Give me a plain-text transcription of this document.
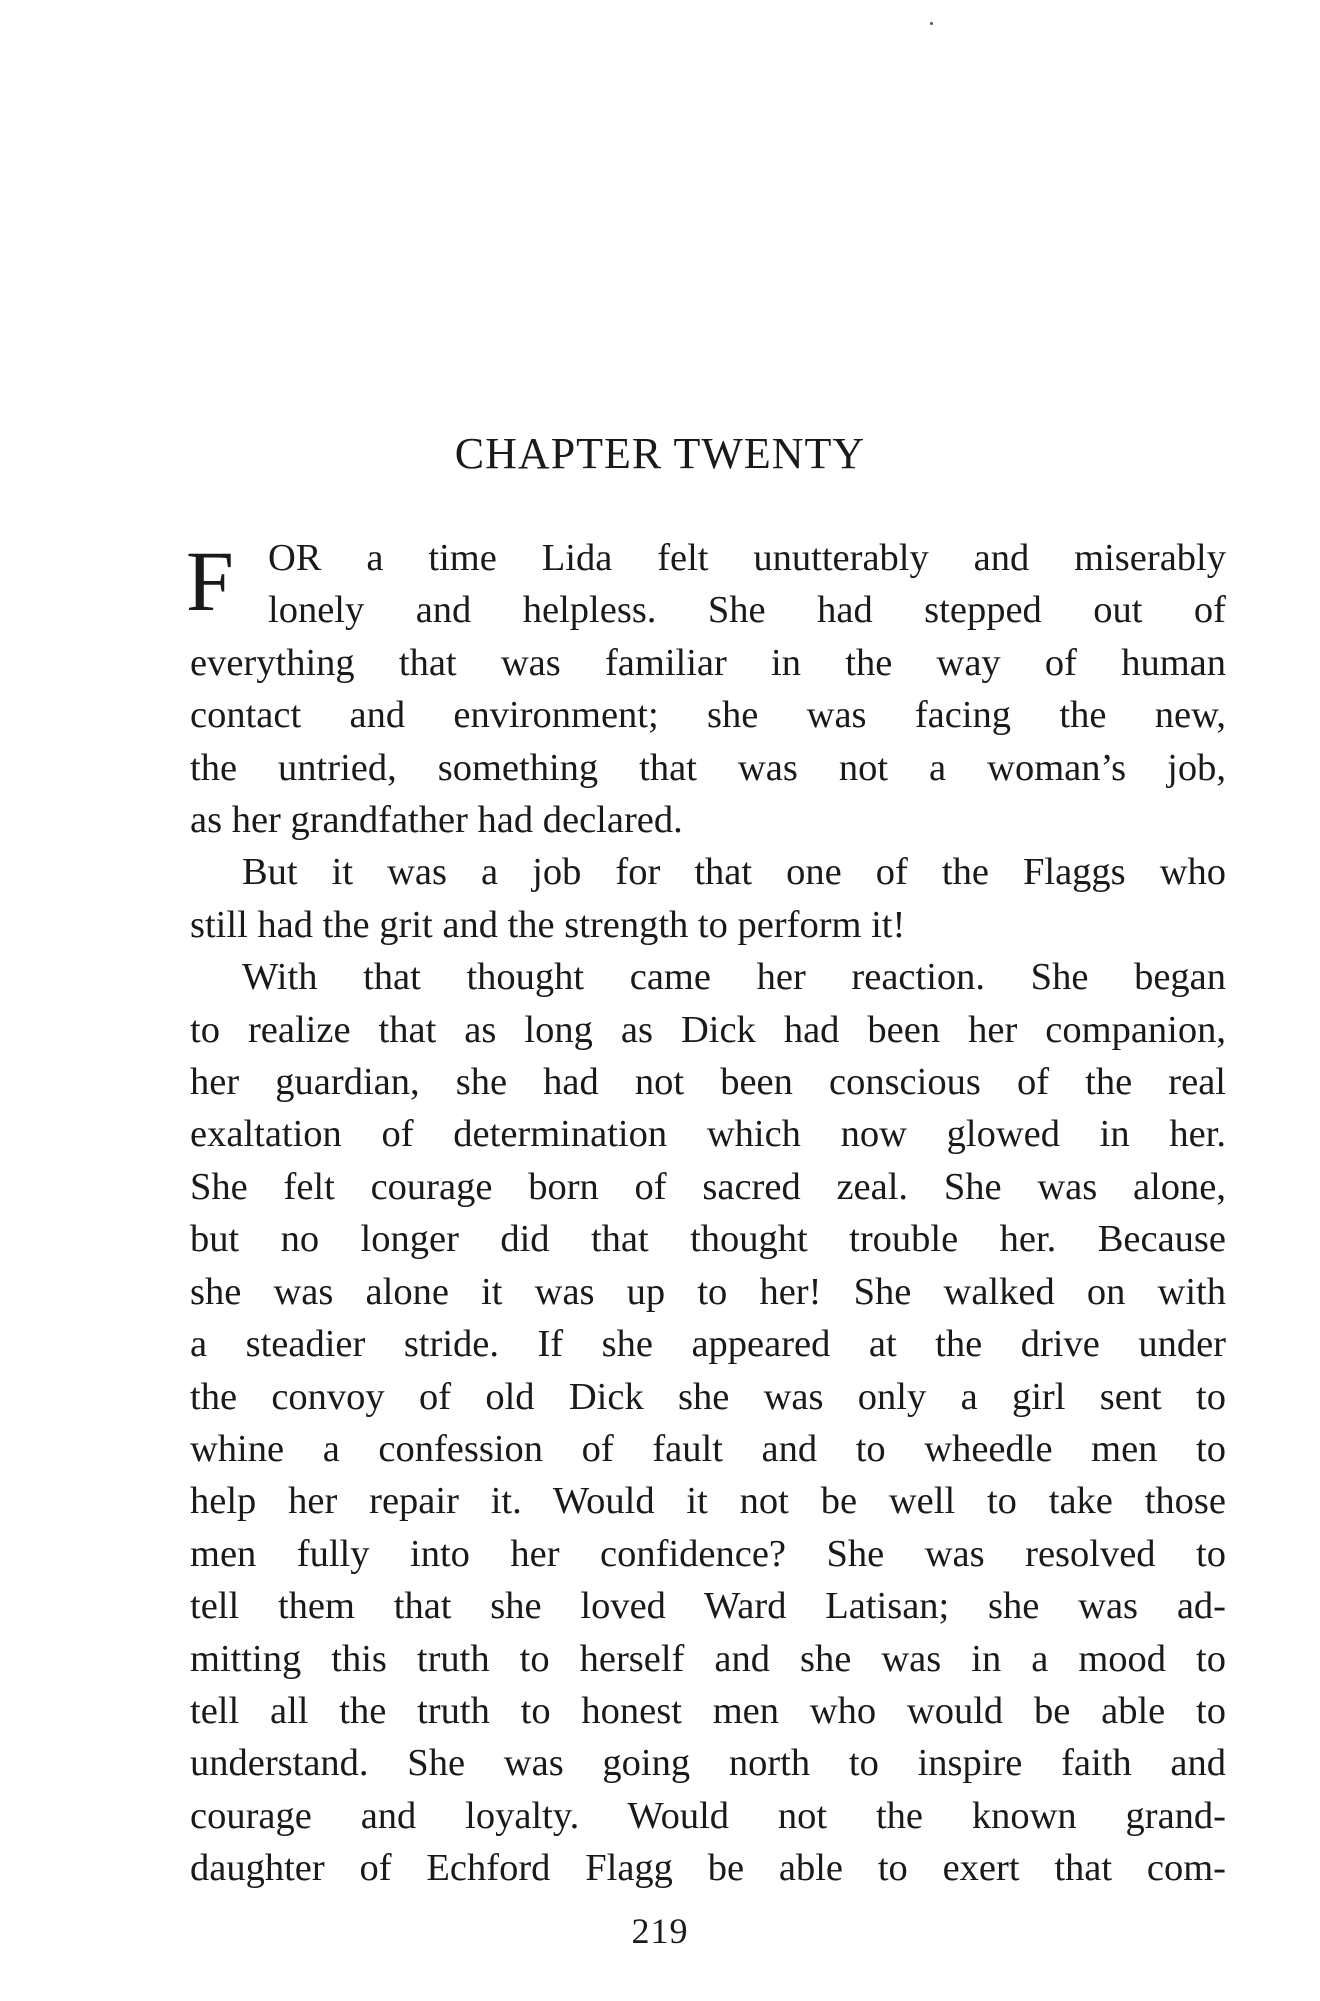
CHAPTER TWENTY
F OR a time Lida felt unutterably and miserably
lonely and helpless. She had stepped out of
everything that was familiar in the way of human
contact and environment; she was facing the new,
the untried, something that was not a woman’s job,
as her grandfather had declared.
But it was a job for that one of the Flaggs who
still had the grit and the strength to perform it!
With that thought came her reaction. She began
to realize that as long as Dick had been her companion,
her guardian, she had not been conscious of the real
exaltation of determination which now glowed in her.
She felt courage born of sacred zeal. She was alone,
but no longer did that thought trouble her. Because
she was alone it was up to her! She walked on with
a steadier stride. If she appeared at the drive under
the convoy of old Dick she was only a girl sent to
whine a confession of fault and to wheedle men to
help her repair it. Would it not be well to take those
men fully into her confidence? She was resolved to
tell them that she loved Ward Latisan; she was ad-
mitting this truth to herself and she was in a mood to
tell all the truth to honest men who would be able to
understand. She was going north to inspire faith and
courage and loyalty. Would not the known grand-
daughter of Echford Flagg be able to exert that com-
219
